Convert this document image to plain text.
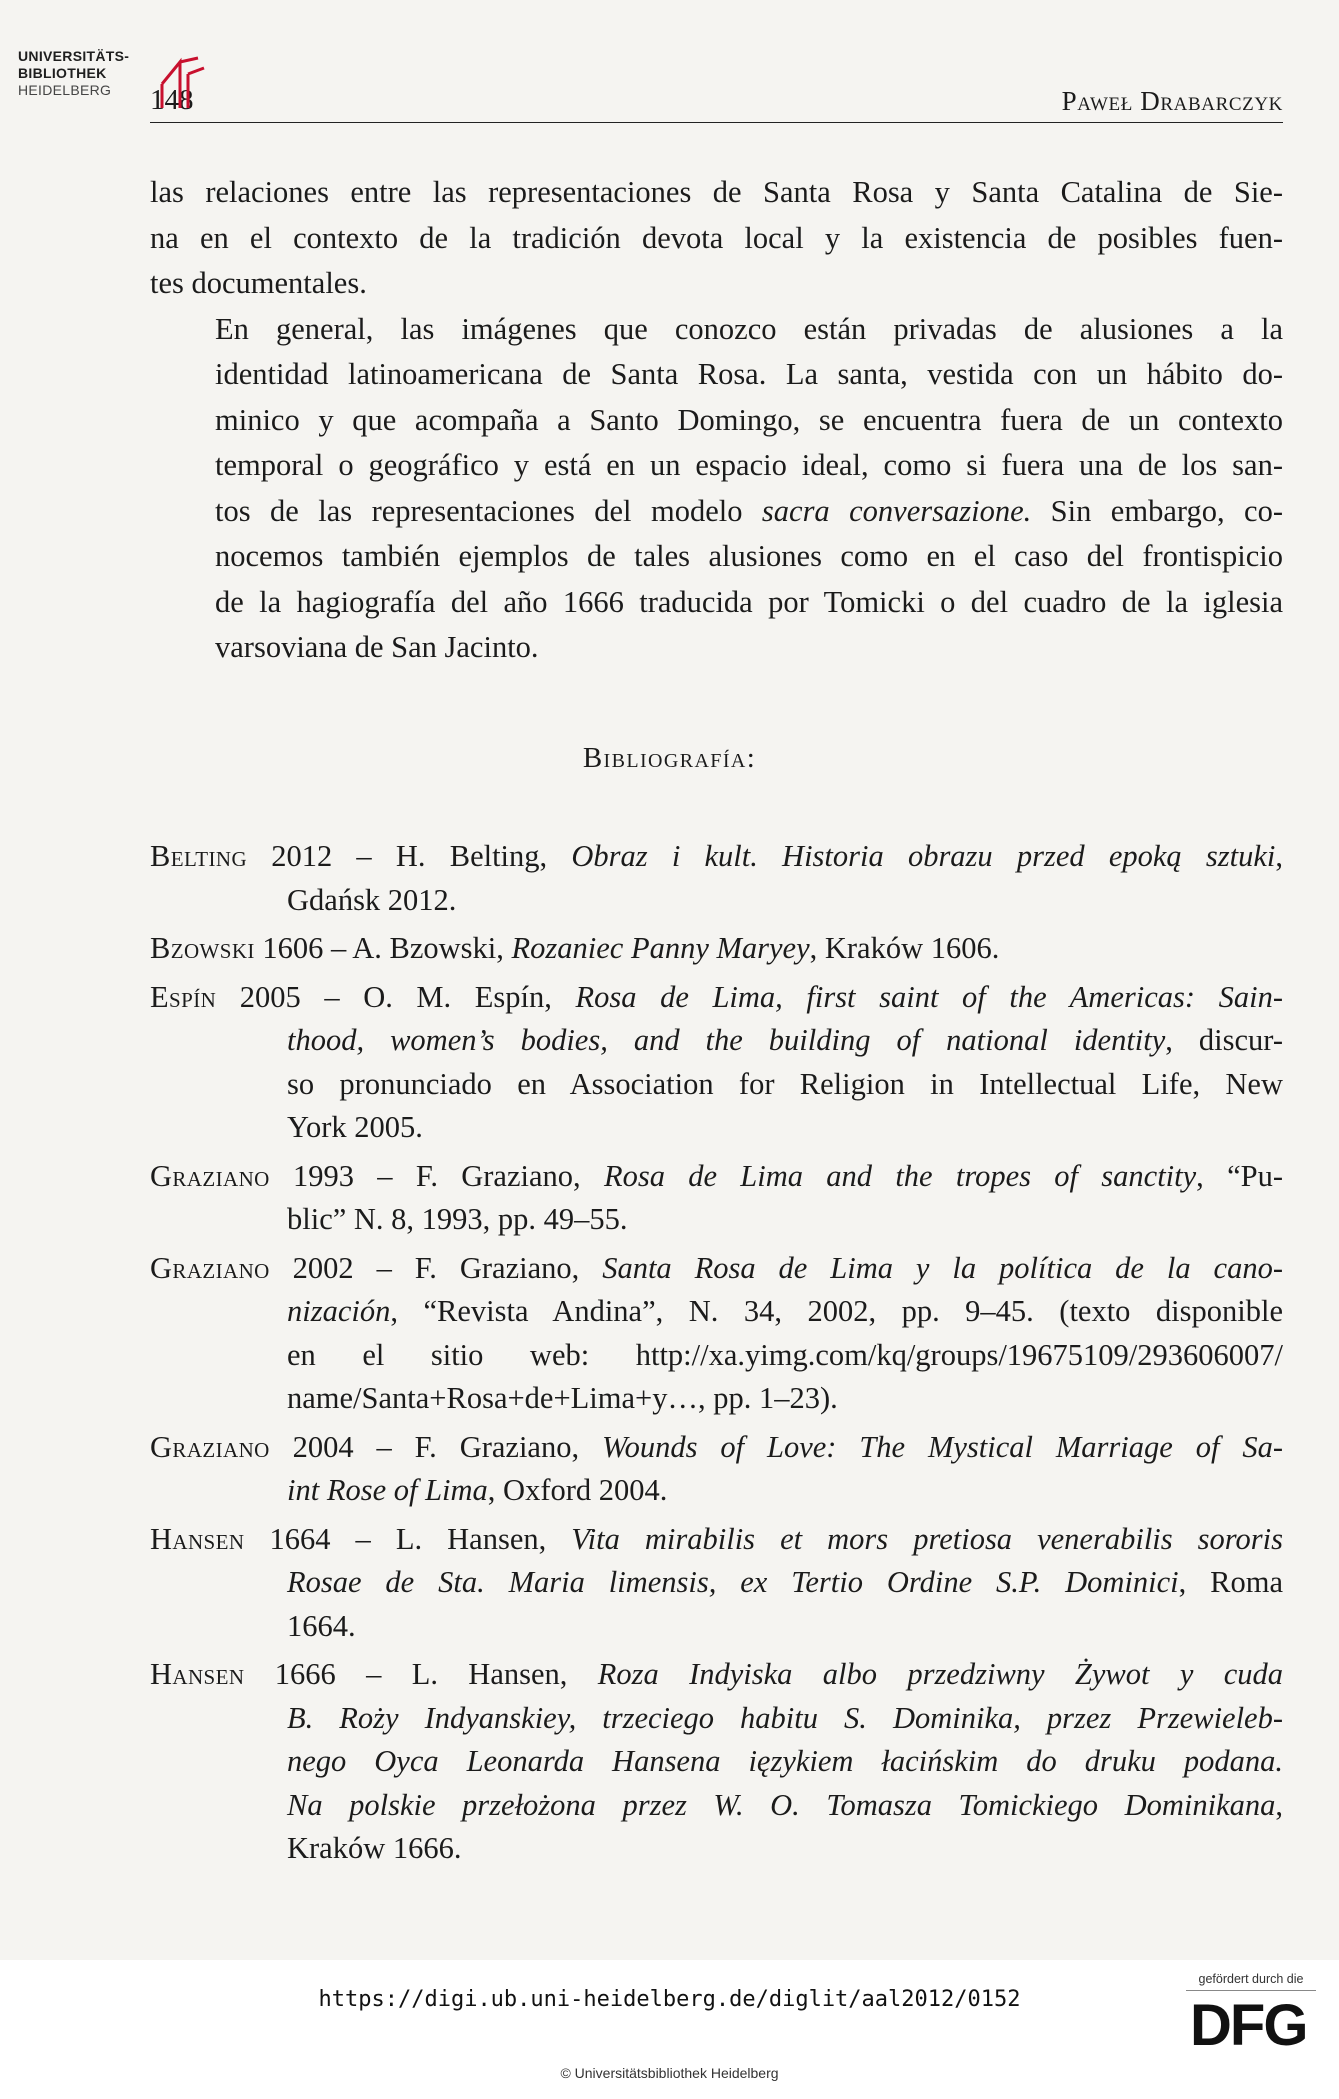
148	Paweł Drabarczyk

las relaciones entre las representaciones de Santa Rosa y Santa Catalina de Sie-
na en el contexto de la tradición devota local y la existencia de posibles fuen-
tes documentales.

En general, las imágenes que conozco están privadas de alusiones a la
identidad latinoamericana de Santa Rosa. La santa, vestida con un hábito do-
minico y que acompaña a Santo Domingo, se encuentra fuera de un contexto
temporal o geográfico y está en un espacio ideal, como si fuera una de los san-
tos de las representaciones del modelo sacra conversazione. Sin embargo, co-
nocemos también ejemplos de tales alusiones como en el caso del frontispicio
de la hagiografía del año 1666 traducida por Tomicki o del cuadro de la iglesia
varsoviana de San Jacinto.

Bibliografía:

Belting 2012 – H. Belting, Obraz i kult. Historia obrazu przed epoką sztuki,
Gdańsk 2012.

Bzowski 1606 – A. Bzowski, Rozaniec Panny Maryey, Kraków 1606.

Espín 2005 – O. M. Espín, Rosa de Lima, first saint of the Americas: Sain-
thood, women’s bodies, and the building of national identity, discur-
so pronunciado en Association for Religion in Intellectual Life, New
York 2005.

Graziano 1993 – F. Graziano, Rosa de Lima and the tropes of sanctity, “Pu-
blic” N. 8, 1993, pp. 49–55.

Graziano 2002 – F. Graziano, Santa Rosa de Lima y la política de la cano-
nización, “Revista Andina”, N. 34, 2002, pp. 9–45. (texto disponible
en el sitio web: http://xa.yimg.com/kq/groups/19675109/293606007/
name/Santa+Rosa+de+Lima+y…, pp. 1–23).

Graziano 2004 – F. Graziano, Wounds of Love: The Mystical Marriage of Sa-
int Rose of Lima, Oxford 2004.

Hansen 1664 – L. Hansen, Vita mirabilis et mors pretiosa venerabilis sororis
Rosae de Sta. Maria limensis, ex Tertio Ordine S.P. Dominici, Roma
1664.

Hansen 1666 – L. Hansen, Roza Indyiska albo przedziwny Żywot y cuda
B. Roży Indyanskiey, trzeciego habitu S. Dominika, przez Przewieleb-
nego Oyca Leonarda Hansena ięzykiem łacińskim do druku podana.
Na polskie przełożona przez W. O. Tomasza Tomickiego Dominikana,
Kraków 1666.

UNIVERSITÄTS-
BIBLIOTHEK
HEIDELBERG
https://digi.ub.uni-heidelberg.de/diglit/aal2012/0152
© Universitätsbibliothek Heidelberg
gefördert durch die
DFG
